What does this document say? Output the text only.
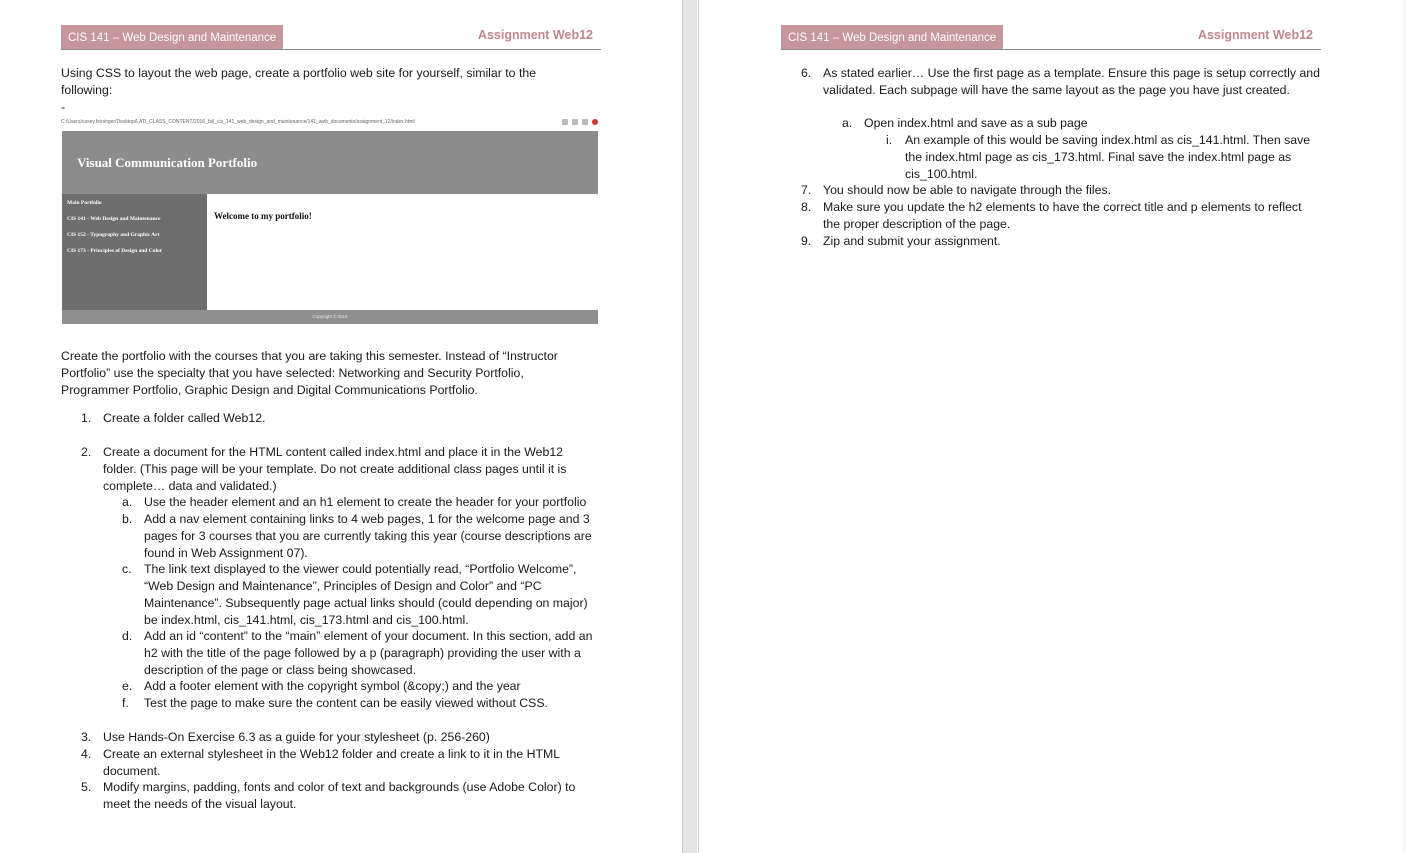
CIS 141 – Web Design and Maintenance	Assignment Web12

Using CSS to layout the web page, create a portfolio web site for yourself, similar to the following:

-

C:/Users/casey.feininger/Desktop/LATI_CLASS_CONTENT/2016_fall_cis_141_web_design_and_maintenance/141_web_documents/assignment_12/index.html
Visual Communication Portfolio
Main Portfolio
CIS 141 - Web Design and Maintenance
CIS 152 - Typography and Graphic Art
CIS 173 - Principles of Design and Color
Welcome to my portfolio!
Copyright © 2016

Create the portfolio with the courses that you are taking this semester. Instead of “Instructor Portfolio” use the specialty that you have selected: Networking and Security Portfolio, Programmer Portfolio, Graphic Design and Digital Communications Portfolio.

1. Create a folder called Web12.
2. Create a document for the HTML content called index.html and place it in the Web12 folder. (This page will be your template. Do not create additional class pages until it is complete… data and validated.)
a. Use the header element and an h1 element to create the header for your portfolio
b. Add a nav element containing links to 4 web pages, 1 for the welcome page and 3 pages for 3 courses that you are currently taking this year (course descriptions are found in Web Assignment 07).
c. The link text displayed to the viewer could potentially read, “Portfolio Welcome”, “Web Design and Maintenance”, Principles of Design and Color” and “PC Maintenance”. Subsequently page actual links should (could depending on major) be index.html, cis_141.html, cis_173.html and cis_100.html.
d. Add an id “content” to the “main” element of your document. In this section, add an h2 with the title of the page followed by a p (paragraph) providing the user with a description of the page or class being showcased.
e. Add a footer element with the copyright symbol (&copy;) and the year
f. Test the page to make sure the content can be easily viewed without CSS.
3. Use Hands-On Exercise 6.3 as a guide for your stylesheet (p. 256-260)
4. Create an external stylesheet in the Web12 folder and create a link to it in the HTML document.
5. Modify margins, padding, fonts and color of text and backgrounds (use Adobe Color) to meet the needs of the visual layout.
CIS 141 – Web Design and Maintenance	Assignment Web12
6. As stated earlier… Use the first page as a template. Ensure this page is setup correctly and validated. Each subpage will have the same layout as the page you have just created.
a. Open index.html and save as a sub page
i. An example of this would be saving index.html as cis_141.html. Then save the index.html page as cis_173.html. Final save the index.html page as cis_100.html.
7. You should now be able to navigate through the files.
8. Make sure you update the h2 elements to have the correct title and p elements to reflect the proper description of the page.
9. Zip and submit your assignment.
